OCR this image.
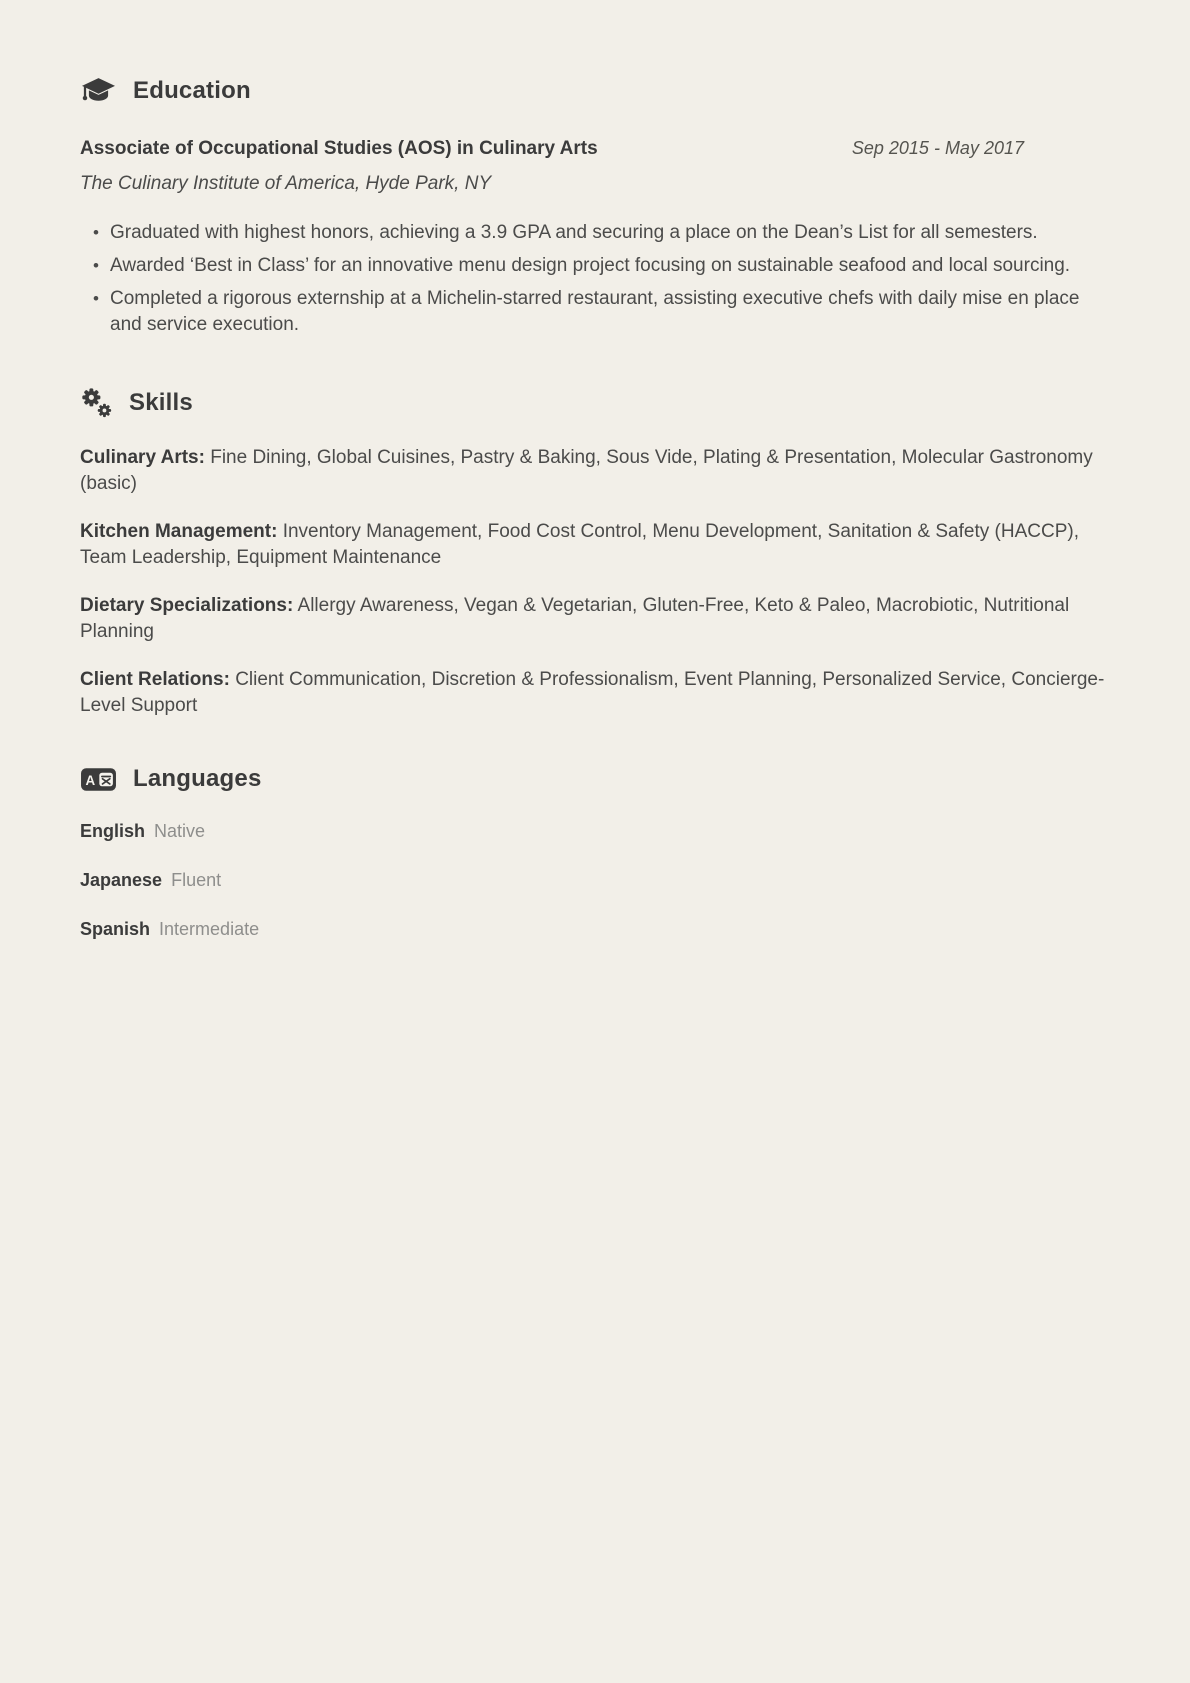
Education
Associate of Occupational Studies (AOS) in Culinary Arts	Sep 2015 - May 2017
The Culinary Institute of America, Hyde Park, NY
• Graduated with highest honors, achieving a 3.9 GPA and securing a place on the Dean’s List for all semesters.
• Awarded ‘Best in Class’ for an innovative menu design project focusing on sustainable seafood and local sourcing.
• Completed a rigorous externship at a Michelin-starred restaurant, assisting executive chefs with daily mise en place and service execution.
Skills

Culinary Arts: Fine Dining, Global Cuisines, Pastry & Baking, Sous Vide, Plating & Presentation, Molecular Gastronomy (basic)

Kitchen Management: Inventory Management, Food Cost Control, Menu Development, Sanitation & Safety (HACCP), Team Leadership, Equipment Maintenance

Dietary Specializations: Allergy Awareness, Vegan & Vegetarian, Gluten-Free, Keto & Paleo, Macrobiotic, Nutritional Planning

Client Relations: Client Communication, Discretion & Professionalism, Event Planning, Personalized Service, Concierge-Level Support

A Languages
English Native
Japanese Fluent
Spanish Intermediate
